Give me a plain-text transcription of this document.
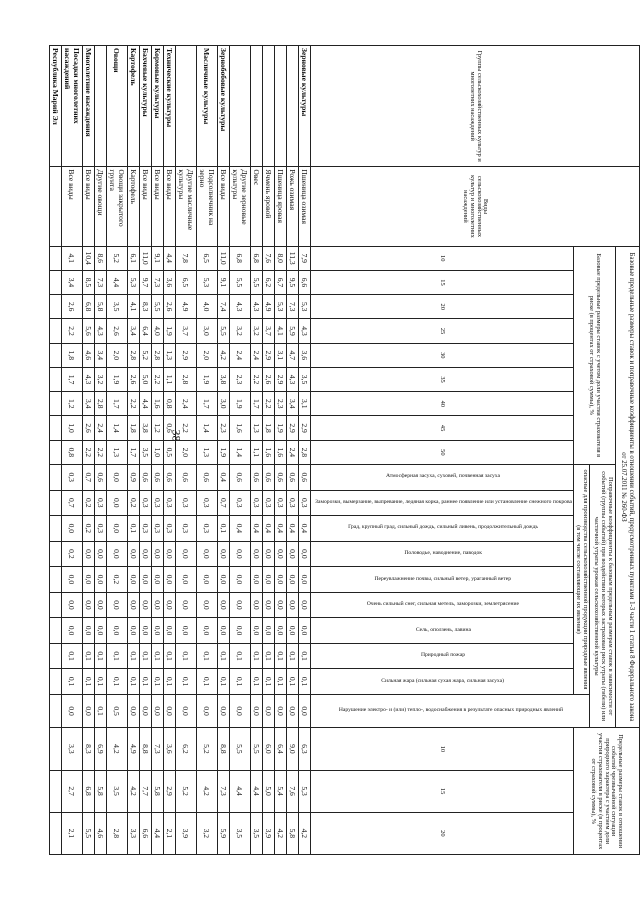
38
Группы сельскохозяйственных культур и многолетних насаждений	Виды сельскохозяйственных культур и многолетних насаждений	Базовые предельные размеры ставок и поправочные коэффициенты в отношении событий, предусмотренных пунктами 1-3 части 1 статьи 8 Федерального закона от 25.07.2011 № 260-ФЗ																			Предельные размеры ставок в отношении событий чрезвычайной ситуации природного характера с участием доли участия страхователя в риске (в процентах от страховой суммы), %		
		Базовые предельные размеры ставок с учетом доли участия страхователя в риске (в процентах от страховой суммы), %									Поправочные коэффициенты к базовым предельным размерам ставок в зависимости от событий (группы событий) при воздействии которых застрахован риск утраты (гибели) или частичной утраты урожая сельскохозяйственной культуры												
											опасные для производства сельскохозяйственной продукции природные явления (в том числе составляющие их явления)									Нарушение электро- и (или) тепло-, водоснабжения в результате опасных природных явлений			
		10	15	20	25	30	35	40	45	50	Атмосферная засуха, суховей, почвенная засуха	Заморозки, вымерзание, выпревание, ледяная корка, раннее появление или установление снежного покрова	Град, крупный град, сильный дождь, сильный ливень, продолжительный дождь	Половодье, наводнение, паводок	Переувлажнение почвы, сильный ветер, ураганный ветер	Очень сильный снег, сильная метель, заморозки, землетрясение	Сель, оползень, лавина	Природный пожар	Сильная жара (сильная сухая жара, сильная засуха)		10	15	20
Зерновые культуры	Пшеница озимая	7,9	6,6	5,3	4,3	3,6	3,5	3,1	2,9	2,8	0,6	0,3	0,4	0,0	0,0	0,0	0,0	0,1	0,1	0,0	6,3	5,3	4,2
	Рожь озимая	11,3	9,5	7,3	5,9	4,7	4,3	3,4	2,9	2,4	0,6	0,3	0,4	0,0	0,0	0,0	0,0	0,1	0,1	0,0	9,0	7,6	5,8
	Пшеница яровая	8,0	6,7	5,3	4,1	3,1	2,9	2,3	1,9	1,6	0,6	0,3	0,4	0,0	0,0	0,0	0,0	0,1	0,1	0,0	6,4	5,4	4,2
	Ячмень яровой	7,6	6,2	4,9	3,7	2,9	2,6	2,2	1,8	1,6	0,6	0,3	0,4	0,0	0,0	0,0	0,0	0,1	0,1	0,0	6,0	5,0	3,9
	Овес	6,8	5,5	4,3	3,2	2,4	2,2	1,7	1,3	1,1	0,6	0,3	0,4	0,0	0,0	0,0	0,0	0,1	0,1	0,0	5,5	4,4	3,5
	Другие зерновые культуры	6,8	5,5	4,3	3,2	2,4	2,3	1,9	1,6	1,4	0,6	0,3	0,4	0,0	0,0	0,0	0,0	0,1	0,1	0,0	5,5	4,4	3,5
Зернобобовые культуры	Все виды	11,0	9,1	7,4	5,5	4,2	3,8	3,0	2,3	1,9	0,4	0,7	0,1	0,0	0,0	0,0	0,0	0,1	0,1	0,0	8,8	7,3	5,9
Масличные культуры	Подсолнечник на зерно	6,5	5,3	4,0	3,0	2,0	1,9	1,7	1,4	1,3	0,6	0,3	0,3	0,0	0,0	0,0	0,0	0,1	0,1	0,0	5,2	4,2	3,2
	Другие масличные культуры	7,8	6,5	4,9	3,7	2,9	2,8	2,4	2,2	2,0	0,6	0,3	0,3	0,0	0,0	0,0	0,0	0,1	0,1	0,0	6,2	5,2	3,9
Технические культуры	Все виды	4,4	3,6	2,6	1,9	1,3	1,1	0,8	0,6	0,5	0,6	0,3	0,3	0,0	0,0	0,0	0,0	0,1	0,1	0,0	3,6	2,9	2,1
Кормовые культуры	Все виды	9,1	7,3	5,5	4,0	2,8	2,2	1,6	1,2	1,0	0,6	0,3	0,3	0,0	0,0	0,0	0,0	0,1	0,1	0,0	7,3	5,8	4,4
Бахчевые культуры	Все виды	11,0	9,7	8,3	6,4	5,2	5,0	4,4	3,8	3,5	0,6	0,3	0,3	0,0	0,0	0,0	0,0	0,1	0,1	0,0	8,8	7,7	6,6
Картофель	Картофель	6,1	5,3	4,1	3,4	2,8	2,6	2,2	1,8	1,7	0,9	0,2	0,1	0,0	0,0	0,0	0,0	0,1	0,1	0,0	4,9	4,2	3,3
Овощи	Овощи закрытого грунта	5,2	4,4	3,5	2,6	2,0	1,9	1,7	1,4	1,3	0,0	0,0	0,0	0,0	0,2	0,0	0,0	0,1	0,1	0,5	4,2	3,5	2,8
	Другие овощи	8,6	7,3	5,8	4,3	3,4	3,2	2,8	2,4	2,2	0,6	0,3	0,3	0,0	0,0	0,0	0,0	0,1	0,1	0,1	6,9	5,8	4,6
Многолетние насаждения	Все виды	10,4	8,5	6,8	5,6	4,6	4,3	3,4	2,6	2,2	0,7	0,2	0,2	0,0	0,0	0,0	0,0	0,1	0,1	0,0	8,3	6,8	5,5
Посадки многолетних насаждений	Все виды	4,1	3,4	2,6	2,2	1,8	1,7	1,2	1,0	0,8	0,3	0,7	0,0	0,2	0,0	0,0	0,0	0,1	0,1	0,0	3,3	2,7	2,1
Республика Марий Эл																							
